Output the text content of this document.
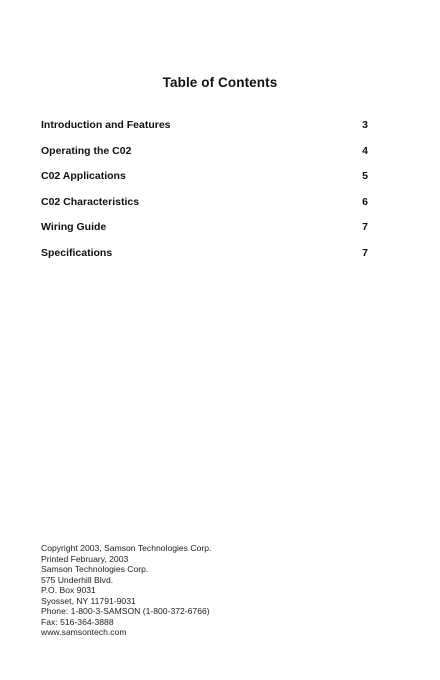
Table of Contents
Introduction and Features	3
Operating the C02	4
C02 Applications	5
C02 Characteristics	6
Wiring Guide	7
Specifications	7
Copyright 2003, Samson Technologies Corp.
Printed February, 2003
Samson Technologies Corp.
575 Underhill Blvd.
P.O. Box 9031
Syosset, NY 11791-9031
Phone: 1-800-3-SAMSON (1-800-372-6766)
Fax: 516-364-3888
www.samsontech.com
